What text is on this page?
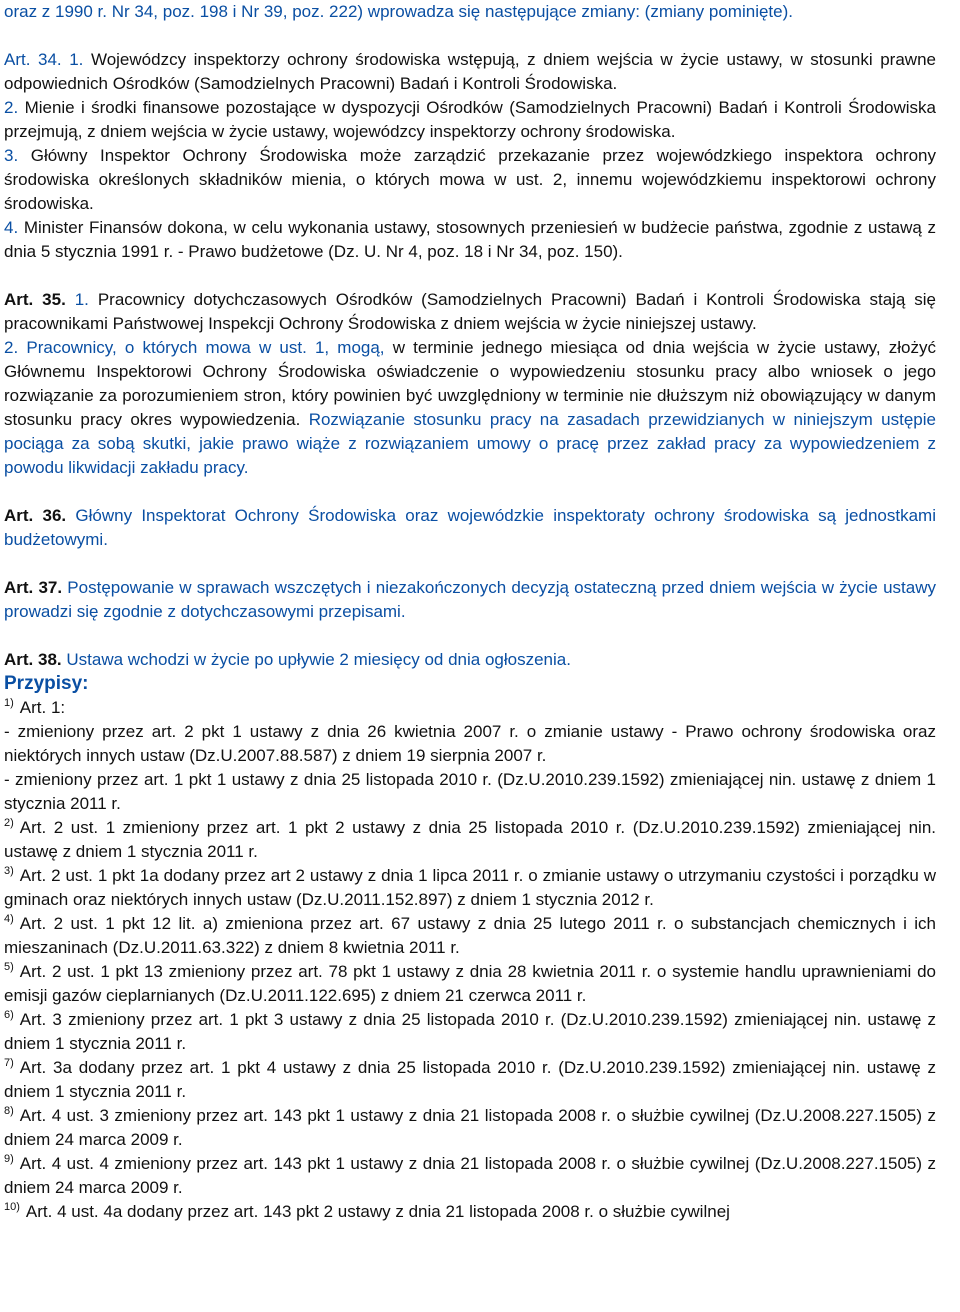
oraz z 1990 r. Nr 34, poz. 198 i Nr 39, poz. 222) wprowadza się następujące zmiany: (zmiany pominięte).

Art. 34. 1. Wojewódzcy inspektorzy ochrony środowiska wstępują, z dniem wejścia w życie ustawy, w stosunki prawne odpowiednich Ośrodków (Samodzielnych Pracowni) Badań i Kontroli Środowiska.

2. Mienie i środki finansowe pozostające w dyspozycji Ośrodków (Samodzielnych Pracowni) Badań i Kontroli Środowiska przejmują, z dniem wejścia w życie ustawy, wojewódzcy inspektorzy ochrony środowiska.

3. Główny Inspektor Ochrony Środowiska może zarządzić przekazanie przez wojewódzkiego inspektora ochrony środowiska określonych składników mienia, o których mowa w ust. 2, innemu wojewódzkiemu inspektorowi ochrony środowiska.

4. Minister Finansów dokona, w celu wykonania ustawy, stosownych przeniesień w budżecie państwa, zgodnie z ustawą z dnia 5 stycznia 1991 r. - Prawo budżetowe (Dz. U. Nr 4, poz. 18 i Nr 34, poz. 150).

Art. 35. 1. Pracownicy dotychczasowych Ośrodków (Samodzielnych Pracowni) Badań i Kontroli Środowiska stają się pracownikami Państwowej Inspekcji Ochrony Środowiska z dniem wejścia w życie niniejszej ustawy.

2. Pracownicy, o których mowa w ust. 1, mogą, w terminie jednego miesiąca od dnia wejścia w życie ustawy, złożyć Głównemu Inspektorowi Ochrony Środowiska oświadczenie o wypowiedzeniu stosunku pracy albo wniosek o jego rozwiązanie za porozumieniem stron, który powinien być uwzględniony w terminie nie dłuższym niż obowiązujący w danym stosunku pracy okres wypowiedzenia. Rozwiązanie stosunku pracy na zasadach przewidzianych w niniejszym ustępie pociąga za sobą skutki, jakie prawo wiąże z rozwiązaniem umowy o pracę przez zakład pracy za wypowiedzeniem z powodu likwidacji zakładu pracy.

Art. 36. Główny Inspektorat Ochrony Środowiska oraz wojewódzkie inspektoraty ochrony środowiska są jednostkami budżetowymi.

Art. 37. Postępowanie w sprawach wszczętych i niezakończonych decyzją ostateczną przed dniem wejścia w życie ustawy prowadzi się zgodnie z dotychczasowymi przepisami.

Art. 38. Ustawa wchodzi w życie po upływie 2 miesięcy od dnia ogłoszenia.

Przypisy:

$^{1)}$ Art. 1:

- zmieniony przez art. 2 pkt 1 ustawy z dnia 26 kwietnia 2007 r. o zmianie ustawy - Prawo ochrony środowiska oraz niektórych innych ustaw (Dz.U.2007.88.587) z dniem 19 sierpnia 2007 r.

- zmieniony przez art. 1 pkt 1 ustawy z dnia 25 listopada 2010 r. (Dz.U.2010.239.1592) zmieniającej nin. ustawę z dniem 1 stycznia 2011 r.

$^{2)}$ Art. 2 ust. 1 zmieniony przez art. 1 pkt 2 ustawy z dnia 25 listopada 2010 r. (Dz.U.2010.239.1592) zmieniającej nin. ustawę z dniem 1 stycznia 2011 r.

$^{3)}$ Art. 2 ust. 1 pkt 1a dodany przez art 2 ustawy z dnia 1 lipca 2011 r. o zmianie ustawy o utrzymaniu czystości i porządku w gminach oraz niektórych innych ustaw (Dz.U.2011.152.897) z dniem 1 stycznia 2012 r.

$^{4)}$ Art. 2 ust. 1 pkt 12 lit. a) zmieniona przez art. 67 ustawy z dnia 25 lutego 2011 r. o substancjach chemicznych i ich mieszaninach (Dz.U.2011.63.322) z dniem 8 kwietnia 2011 r.

$^{5)}$ Art. 2 ust. 1 pkt 13 zmieniony przez art. 78 pkt 1 ustawy z dnia 28 kwietnia 2011 r. o systemie handlu uprawnieniami do emisji gazów cieplarnianych (Dz.U.2011.122.695) z dniem 21 czerwca 2011 r.

$^{6)}$ Art. 3 zmieniony przez art. 1 pkt 3 ustawy z dnia 25 listopada 2010 r. (Dz.U.2010.239.1592) zmieniającej nin. ustawę z dniem 1 stycznia 2011 r.

$^{7)}$ Art. 3a dodany przez art. 1 pkt 4 ustawy z dnia 25 listopada 2010 r. (Dz.U.2010.239.1592) zmieniającej nin. ustawę z dniem 1 stycznia 2011 r.

$^{8)}$ Art. 4 ust. 3 zmieniony przez art. 143 pkt 1 ustawy z dnia 21 listopada 2008 r. o służbie cywilnej (Dz.U.2008.227.1505) z dniem 24 marca 2009 r.

$^{9)}$ Art. 4 ust. 4 zmieniony przez art. 143 pkt 1 ustawy z dnia 21 listopada 2008 r. o służbie cywilnej (Dz.U.2008.227.1505) z dniem 24 marca 2009 r.

$^{10)}$ Art. 4 ust. 4a dodany przez art. 143 pkt 2 ustawy z dnia 21 listopada 2008 r. o służbie cywilnej
